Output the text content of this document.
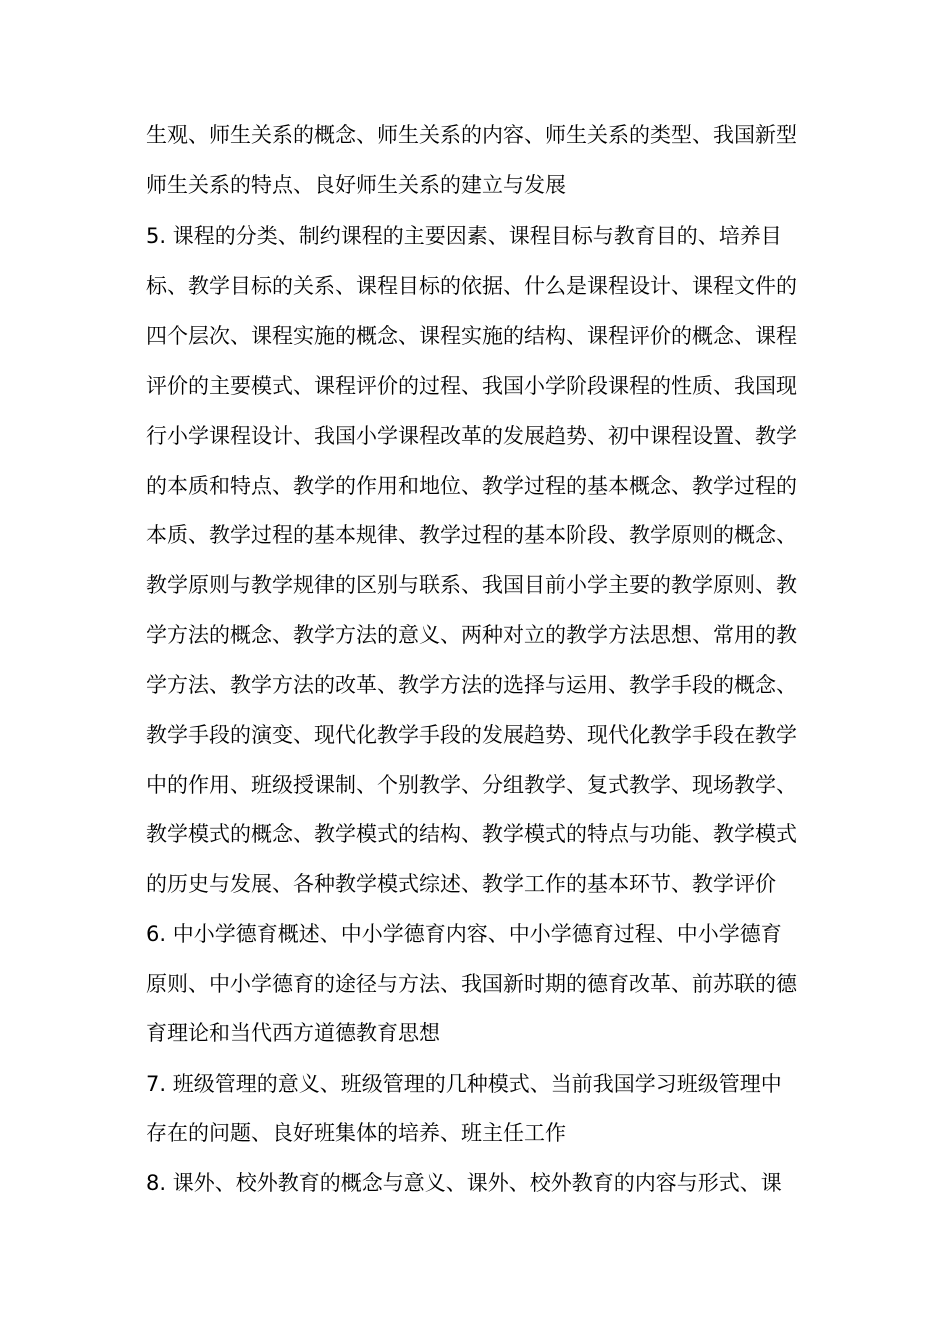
生观、师生关系的概念、师生关系的内容、师生关系的类型、我国新型
师生关系的特点、良好师生关系的建立与发展
5. 课程的分类、制约课程的主要因素、课程目标与教育目的、培养目
标、教学目标的关系、课程目标的依据、什么是课程设计、课程文件的
四个层次、课程实施的概念、课程实施的结构、课程评价的概念、课程
评价的主要模式、课程评价的过程、我国小学阶段课程的性质、我国现
行小学课程设计、我国小学课程改革的发展趋势、初中课程设置、教学
的本质和特点、教学的作用和地位、教学过程的基本概念、教学过程的
本质、教学过程的基本规律、教学过程的基本阶段、教学原则的概念、
教学原则与教学规律的区别与联系、我国目前小学主要的教学原则、教
学方法的概念、教学方法的意义、两种对立的教学方法思想、常用的教
学方法、教学方法的改革、教学方法的选择与运用、教学手段的概念、
教学手段的演变、现代化教学手段的发展趋势、现代化教学手段在教学
中的作用、班级授课制、个别教学、分组教学、复式教学、现场教学、
教学模式的概念、教学模式的结构、教学模式的特点与功能、教学模式
的历史与发展、各种教学模式综述、教学工作的基本环节、教学评价
6. 中小学德育概述、中小学德育内容、中小学德育过程、中小学德育
原则、中小学德育的途径与方法、我国新时期的德育改革、前苏联的德
育理论和当代西方道德教育思想
7. 班级管理的意义、班级管理的几种模式、当前我国学习班级管理中
存在的问题、良好班集体的培养、班主任工作
8. 课外、校外教育的概念与意义、课外、校外教育的内容与形式、课
